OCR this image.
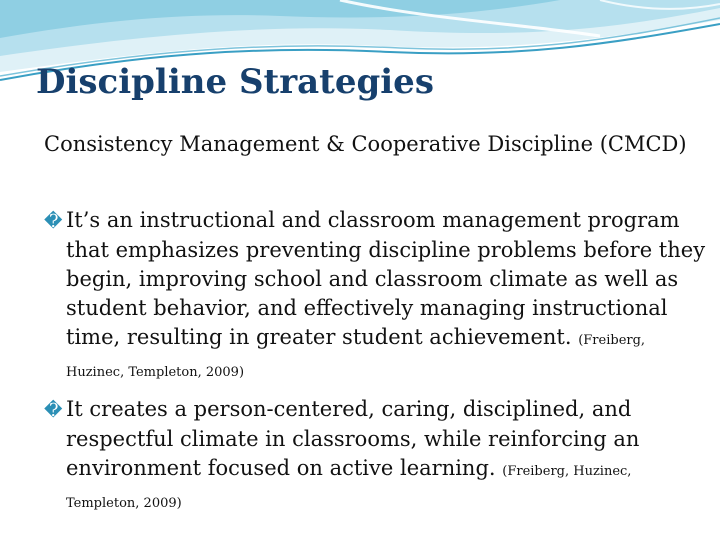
Discipline Strategies
Consistency Management & Cooperative Discipline (CMCD)
� It’s an instructional and classroom management program that emphasizes preventing discipline problems before they begin, improving school and classroom climate as well as student behavior, and effectively managing instructional time, resulting in greater student achievement. (Freiberg, Huzinec, Templeton, 2009)
� It creates a person-centered, caring, disciplined, and respectful climate in classrooms, while reinforcing an environment focused on active learning. (Freiberg, Huzinec, Templeton, 2009)
